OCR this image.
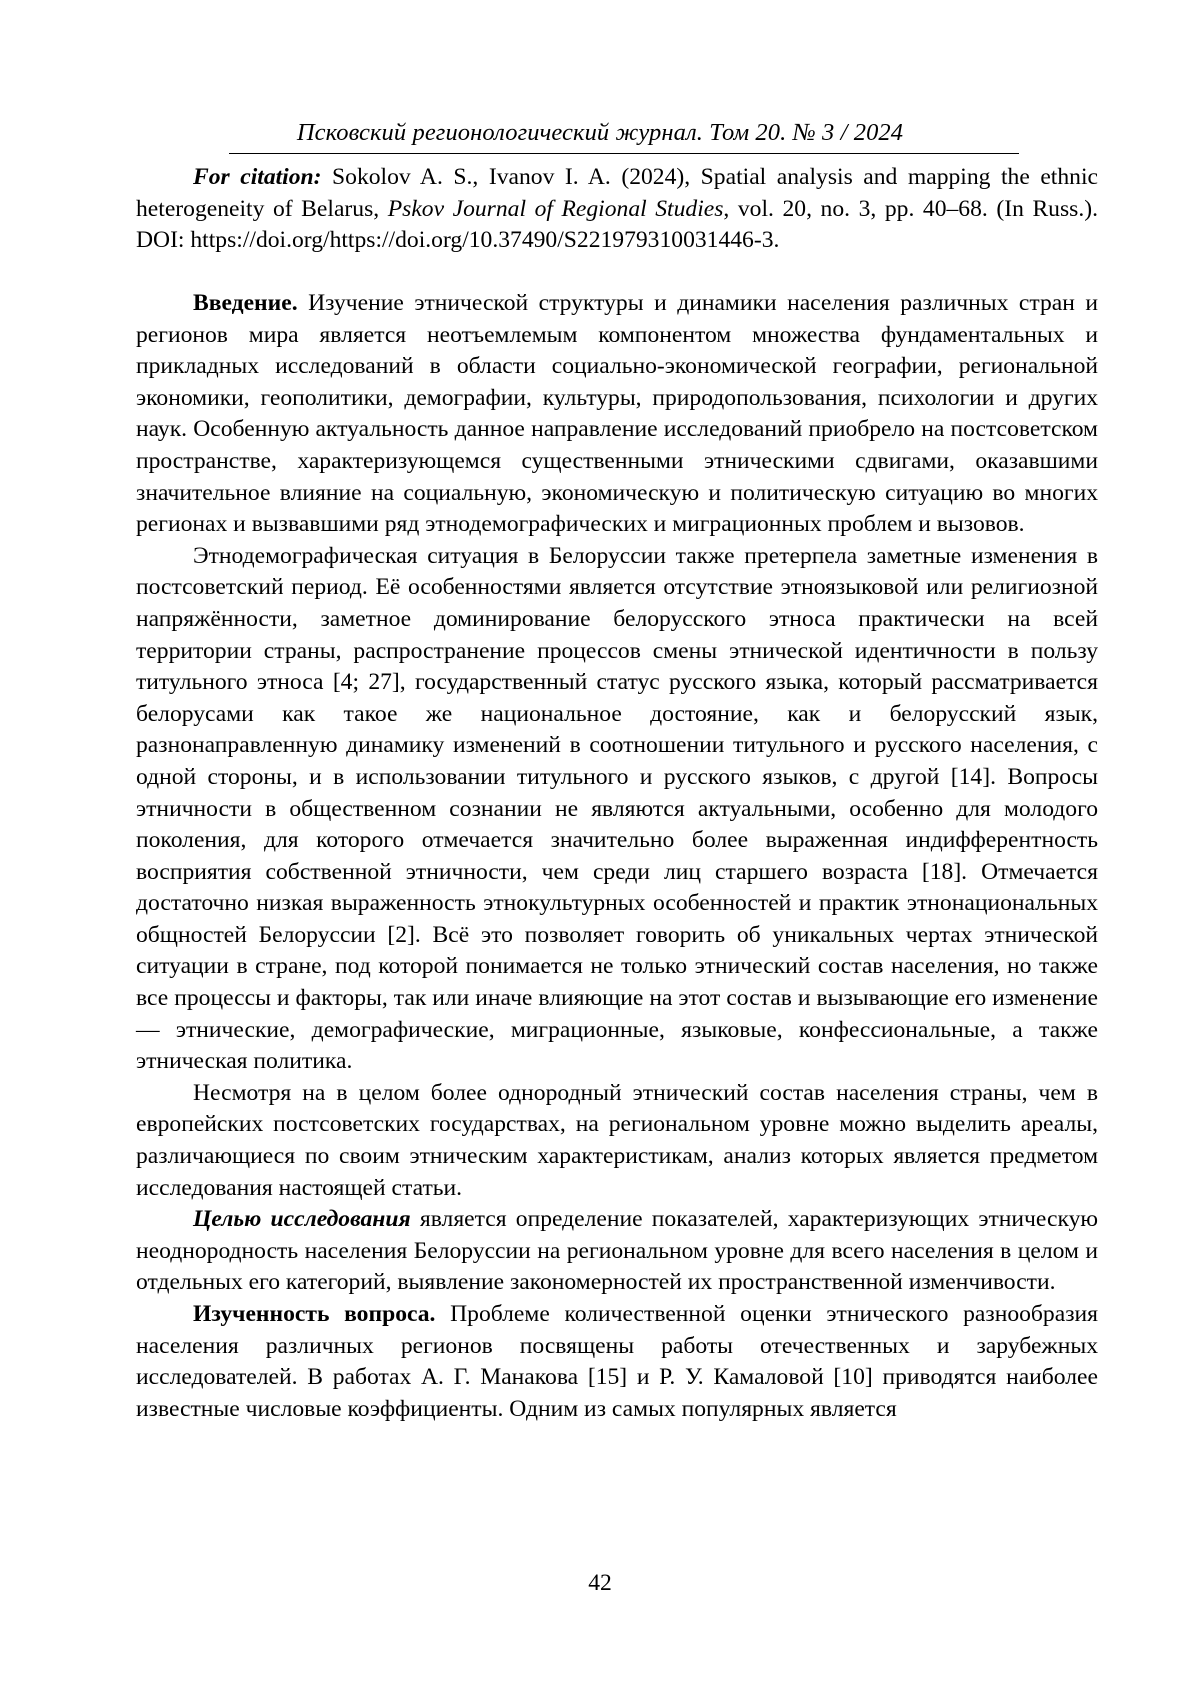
Псковский регионологический журнал. Том 20. № 3 / 2024

For citation: Sokolov A. S., Ivanov I. A. (2024), Spatial analysis and mapping the ethnic heterogeneity of Belarus, Pskov Journal of Regional Studies, vol. 20, no. 3, pp. 40–68. (In Russ.). DOI: https://doi.org/https://doi.org/10.37490/S221979310031446-3.

Введение. Изучение этнической структуры и динамики населения различных стран и регионов мира является неотъемлемым компонентом множества фундаментальных и прикладных исследований в области социально-экономической географии, региональной экономики, геополитики, демографии, культуры, природопользования, психологии и других наук. Особенную актуальность данное направление исследований приобрело на постсоветском пространстве, характеризующемся существенными этническими сдвигами, оказавшими значительное влияние на социальную, экономическую и политическую ситуацию во многих регионах и вызвавшими ряд этнодемографических и миграционных проблем и вызовов.

Этнодемографическая ситуация в Белоруссии также претерпела заметные изменения в постсоветский период. Её особенностями является отсутствие этноязыковой или религиозной напряжённости, заметное доминирование белорусского этноса практически на всей территории страны, распространение процессов смены этнической идентичности в пользу титульного этноса [4; 27], государственный статус русского языка, который рассматривается белорусами как такое же национальное достояние, как и белорусский язык, разнонаправленную динамику изменений в соотношении титульного и русского населения, с одной стороны, и в использовании титульного и русского языков, с другой [14]. Вопросы этничности в общественном сознании не являются актуальными, особенно для молодого поколения, для которого отмечается значительно более выраженная индифферентность восприятия собственной этничности, чем среди лиц старшего возраста [18]. Отмечается достаточно низкая выраженность этнокультурных особенностей и практик этнонациональных общностей Белоруссии [2]. Всё это позволяет говорить об уникальных чертах этнической ситуации в стране, под которой понимается не только этнический состав населения, но также все процессы и факторы, так или иначе влияющие на этот состав и вызывающие его изменение — этнические, демографические, миграционные, языковые, конфессиональные, а также этническая политика.

Несмотря на в целом более однородный этнический состав населения страны, чем в европейских постсоветских государствах, на региональном уровне можно выделить ареалы, различающиеся по своим этническим характеристикам, анализ которых является предметом исследования настоящей статьи.

Целью исследования является определение показателей, характеризующих этническую неоднородность населения Белоруссии на региональном уровне для всего населения в целом и отдельных его категорий, выявление закономерностей их пространственной изменчивости.

Изученность вопроса. Проблеме количественной оценки этнического разнообразия населения различных регионов посвящены работы отечественных и зарубежных исследователей. В работах А. Г. Манакова [15] и Р. У. Камаловой [10] приводятся наиболее известные числовые коэффициенты. Одним из самых популярных является

42
